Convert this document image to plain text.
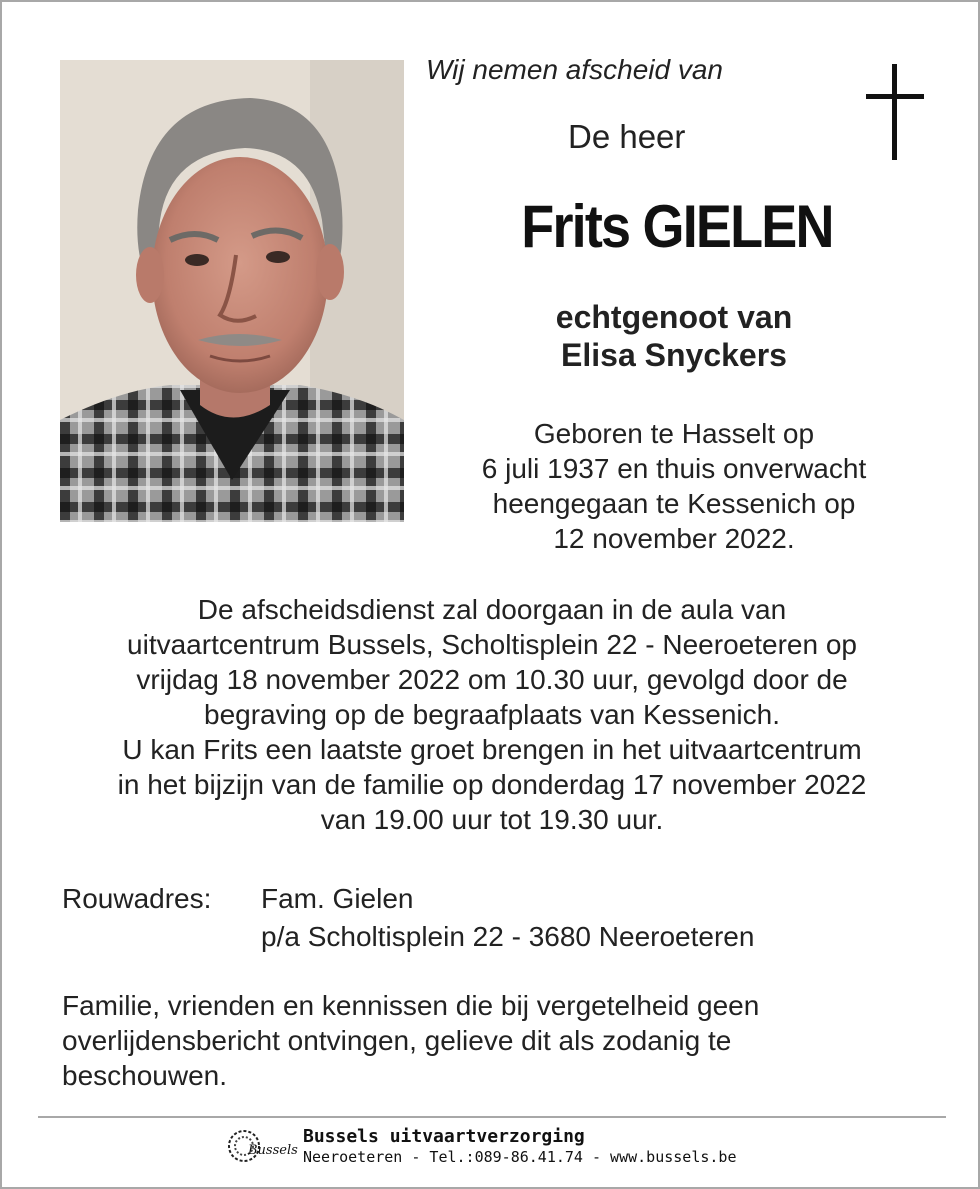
Wij nemen afscheid van
De heer
Frits GIELEN
echtgenoot van
Elisa Snyckers
Geboren te Hasselt op
6 juli 1937 en thuis onverwacht
heengegaan te Kessenich op
12 november 2022.
De afscheidsdienst zal doorgaan in de aula van
uitvaartcentrum Bussels, Scholtisplein 22 - Neeroeteren op
vrijdag 18 november 2022 om 10.30 uur, gevolgd door de
begraving op de begraafplaats van Kessenich.
U kan Frits een laatste groet brengen in het uitvaartcentrum
in het bijzijn van de familie op donderdag 17 november 2022
van 19.00 uur tot 19.30 uur.
Rouwadres: Fam. Gielen
p/a Scholtisplein 22 - 3680 Neeroeteren
Familie, vrienden en kennissen die bij vergetelheid geen
overlijdensbericht ontvingen, gelieve dit als zodanig te
beschouwen.
Bussels
Bussels uitvaartverzorging
Neeroeteren - Tel.:089-86.41.74 - www.bussels.be
